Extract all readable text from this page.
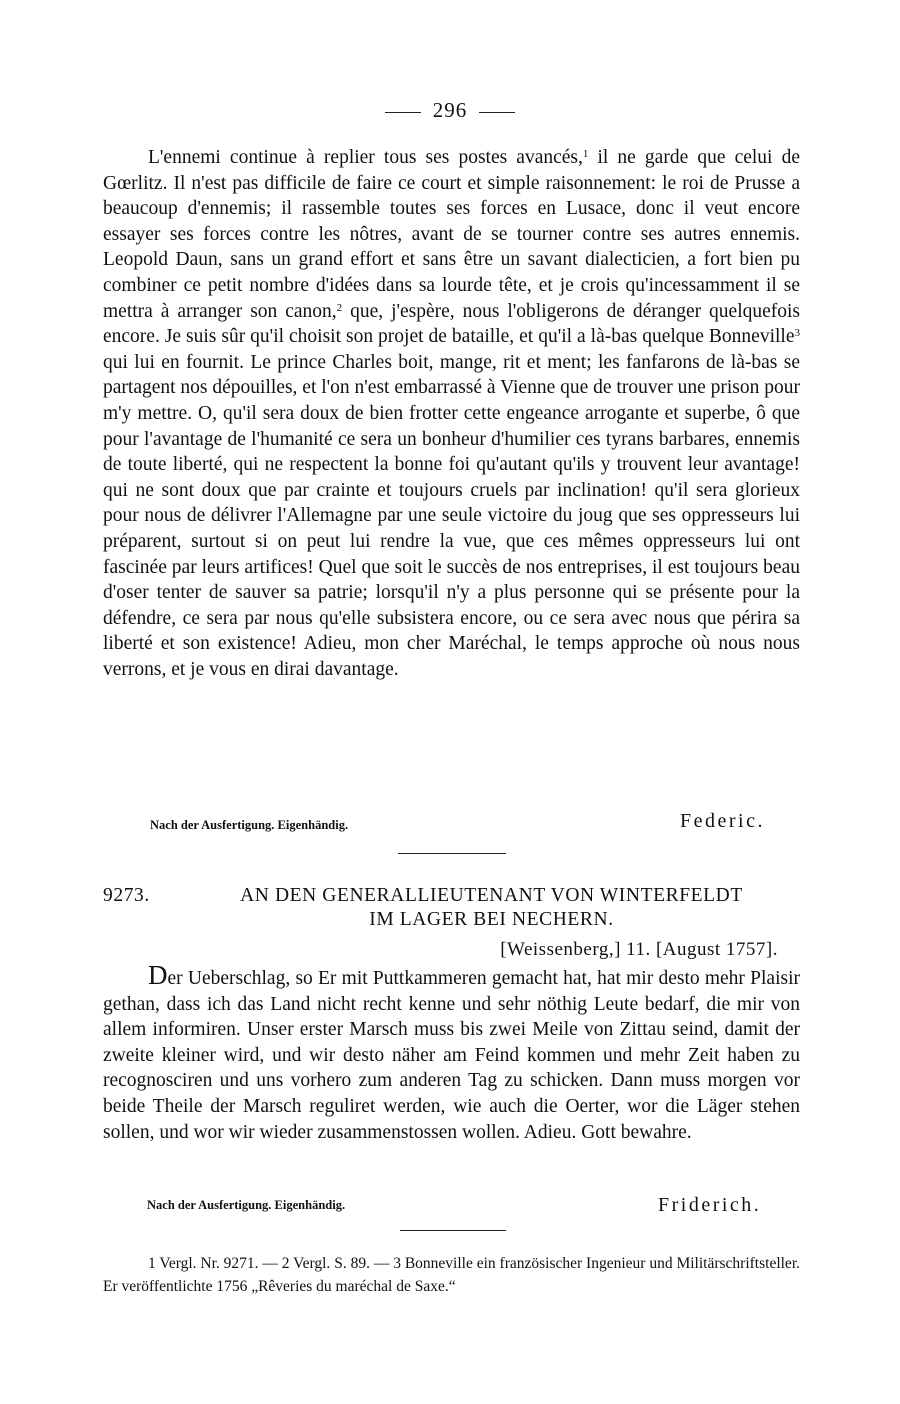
296
L'ennemi continue à replier tous ses postes avancés,$^1$ il ne garde que celui de Gœrlitz. Il n'est pas difficile de faire ce court et simple raisonnement: le roi de Prusse a beaucoup d'ennemis; il rassemble toutes ses forces en Lusace, donc il veut encore essayer ses forces contre les nôtres, avant de se tourner contre ses autres ennemis. Leopold Daun, sans un grand effort et sans être un savant dialecticien, a fort bien pu combiner ce petit nombre d'idées dans sa lourde tête, et je crois qu'incessamment il se mettra à arranger son canon,$^2$ que, j'espère, nous l'obligerons de déranger quelquefois encore. Je suis sûr qu'il choisit son projet de bataille, et qu'il a là-bas quelque Bonneville$^3$ qui lui en fournit. Le prince Charles boit, mange, rit et ment; les fanfarons de là-bas se partagent nos dépouilles, et l'on n'est embarrassé à Vienne que de trouver une prison pour m'y mettre. O, qu'il sera doux de bien frotter cette engeance arrogante et superbe, ô que pour l'avantage de l'humanité ce sera un bonheur d'humilier ces tyrans barbares, ennemis de toute liberté, qui ne respectent la bonne foi qu'autant qu'ils y trouvent leur avantage! qui ne sont doux que par crainte et toujours cruels par inclination! qu'il sera glorieux pour nous de délivrer l'Allemagne par une seule victoire du joug que ses oppresseurs lui préparent, surtout si on peut lui rendre la vue, que ces mêmes oppresseurs lui ont fascinée par leurs artifices! Quel que soit le succès de nos entreprises, il est toujours beau d'oser tenter de sauver sa patrie; lorsqu'il n'y a plus personne qui se présente pour la défendre, ce sera par nous qu'elle subsistera encore, ou ce sera avec nous que périra sa liberté et son existence! Adieu, mon cher Maréchal, le temps approche où nous nous verrons, et je vous en dirai davantage.
Nach der Ausfertigung. Eigenhändig.	Federic.
9273.	AN DEN GENERALLIEUTENANT VON WINTERFELDT
IM LAGER BEI NECHERN.
[Weissenberg,] 11. [August 1757].
Der Ueberschlag, so Er mit Puttkammeren gemacht hat, hat mir desto mehr Plaisir gethan, dass ich das Land nicht recht kenne und sehr nöthig Leute bedarf, die mir von allem informiren. Unser erster Marsch muss bis zwei Meile von Zittau seind, damit der zweite kleiner wird, und wir desto näher am Feind kommen und mehr Zeit haben zu recognosciren und uns vorhero zum anderen Tag zu schicken. Dann muss morgen vor beide Theile der Marsch reguliret werden, wie auch die Oerter, wor die Läger stehen sollen, und wor wir wieder zusammenstossen wollen. Adieu. Gott bewahre.
Nach der Ausfertigung. Eigenhändig.	Friderich.
1 Vergl. Nr. 9271. — 2 Vergl. S. 89. — 3 Bonneville ein französischer Ingenieur und Militärschriftsteller. Er veröffentlichte 1756 „Rêveries du maréchal de Saxe.“
